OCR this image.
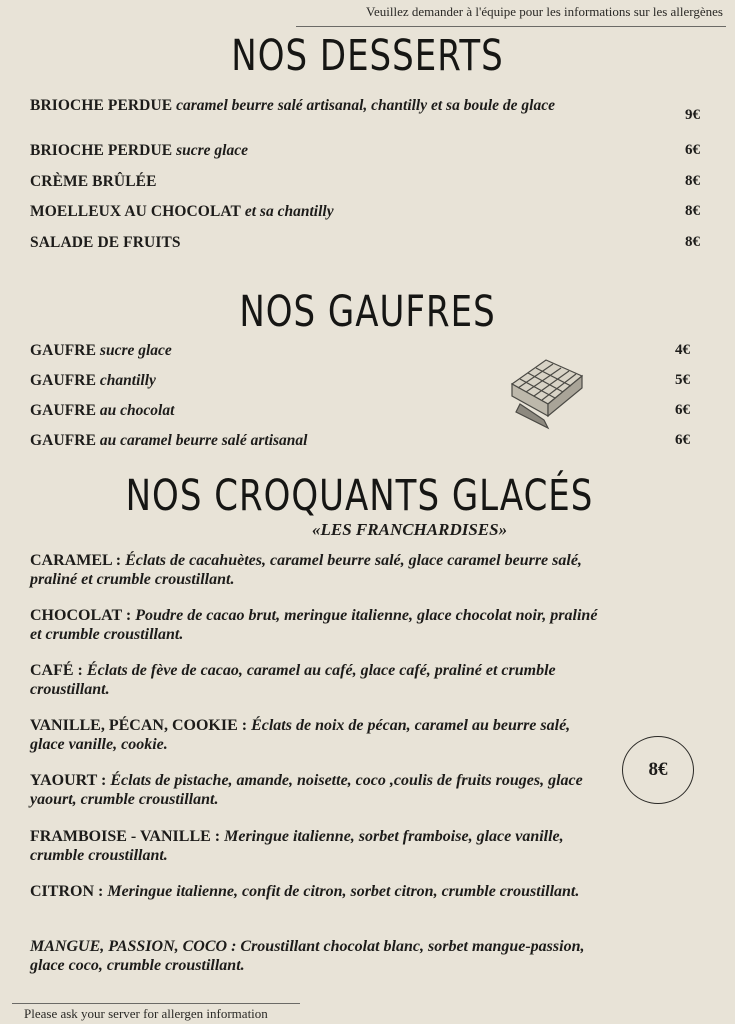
Veuillez demander à l'équipe pour les informations sur les allergènes
NOS DESSERTS
BRIOCHE PERDUE caramel beurre salé artisanal, chantilly et sa boule de glace
9€
BRIOCHE PERDUE sucre glace	6€
CRÈME BRÛLÉE	8€
MOELLEUX AU CHOCOLAT et sa chantilly	8€
SALADE DE FRUITS	8€
NOS GAUFRES
GAUFRE sucre glace	4€
GAUFRE chantilly	5€
GAUFRE au chocolat	6€
GAUFRE au caramel beurre salé artisanal	6€
NOS CROQUANTS GLACÉS
«LES FRANCHARDISES»
CARAMEL : Éclats de cacahuètes, caramel beurre salé, glace caramel beurre salé, praliné et crumble croustillant.
CHOCOLAT : Poudre de cacao brut, meringue italienne, glace chocolat noir, praliné et crumble croustillant.
CAFÉ : Éclats de fève de cacao, caramel au café, glace café, praliné et crumble croustillant.
VANILLE, PÉCAN, COOKIE : Éclats de noix de pécan, caramel au beurre salé, glace vanille, cookie.
YAOURT : Éclats de pistache, amande, noisette, coco ,coulis de fruits rouges, glace yaourt, crumble croustillant.
FRAMBOISE - VANILLE : Meringue italienne, sorbet framboise, glace vanille, crumble croustillant.
CITRON : Meringue italienne, confit de citron, sorbet citron, crumble croustillant.
MANGUE, PASSION, COCO : Croustillant chocolat blanc, sorbet mangue-passion, glace coco, crumble croustillant.
8€
Please ask your server for allergen information
